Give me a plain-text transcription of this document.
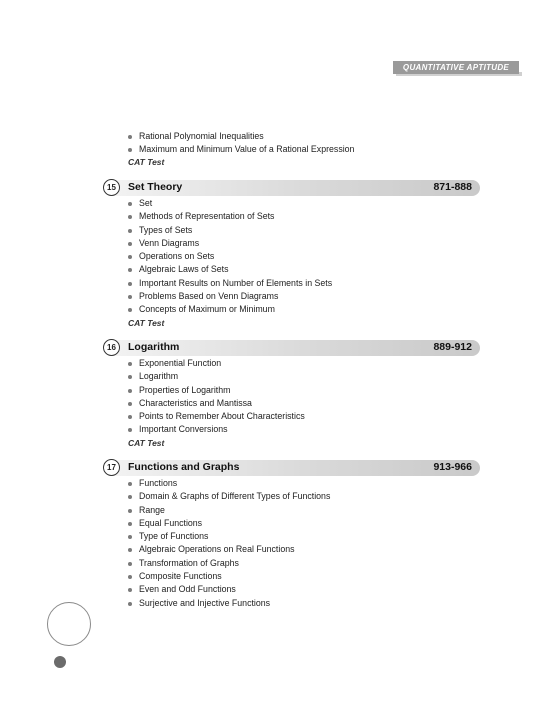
QUANTITATIVE APTITUDE
Rational Polynomial Inequalities
Maximum and Minimum Value of a Rational Expression
CAT Test
15	Set Theory	871-888
Set
Methods of Representation of Sets
Types of Sets
Venn Diagrams
Operations on Sets
Algebraic Laws of Sets
Important Results on Number of Elements in Sets
Problems Based on Venn Diagrams
Concepts of Maximum or Minimum
CAT Test
16	Logarithm	889-912
Exponential Function
Logarithm
Properties of Logarithm
Characteristics and Mantissa
Points to Remember About Characteristics
Important Conversions
CAT Test
17	Functions and Graphs	913-966
Functions
Domain & Graphs of Different Types of Functions
Range
Equal Functions
Type of Functions
Algebraic Operations on Real Functions
Transformation of Graphs
Composite Functions
Even and Odd Functions
Surjective and Injective Functions
